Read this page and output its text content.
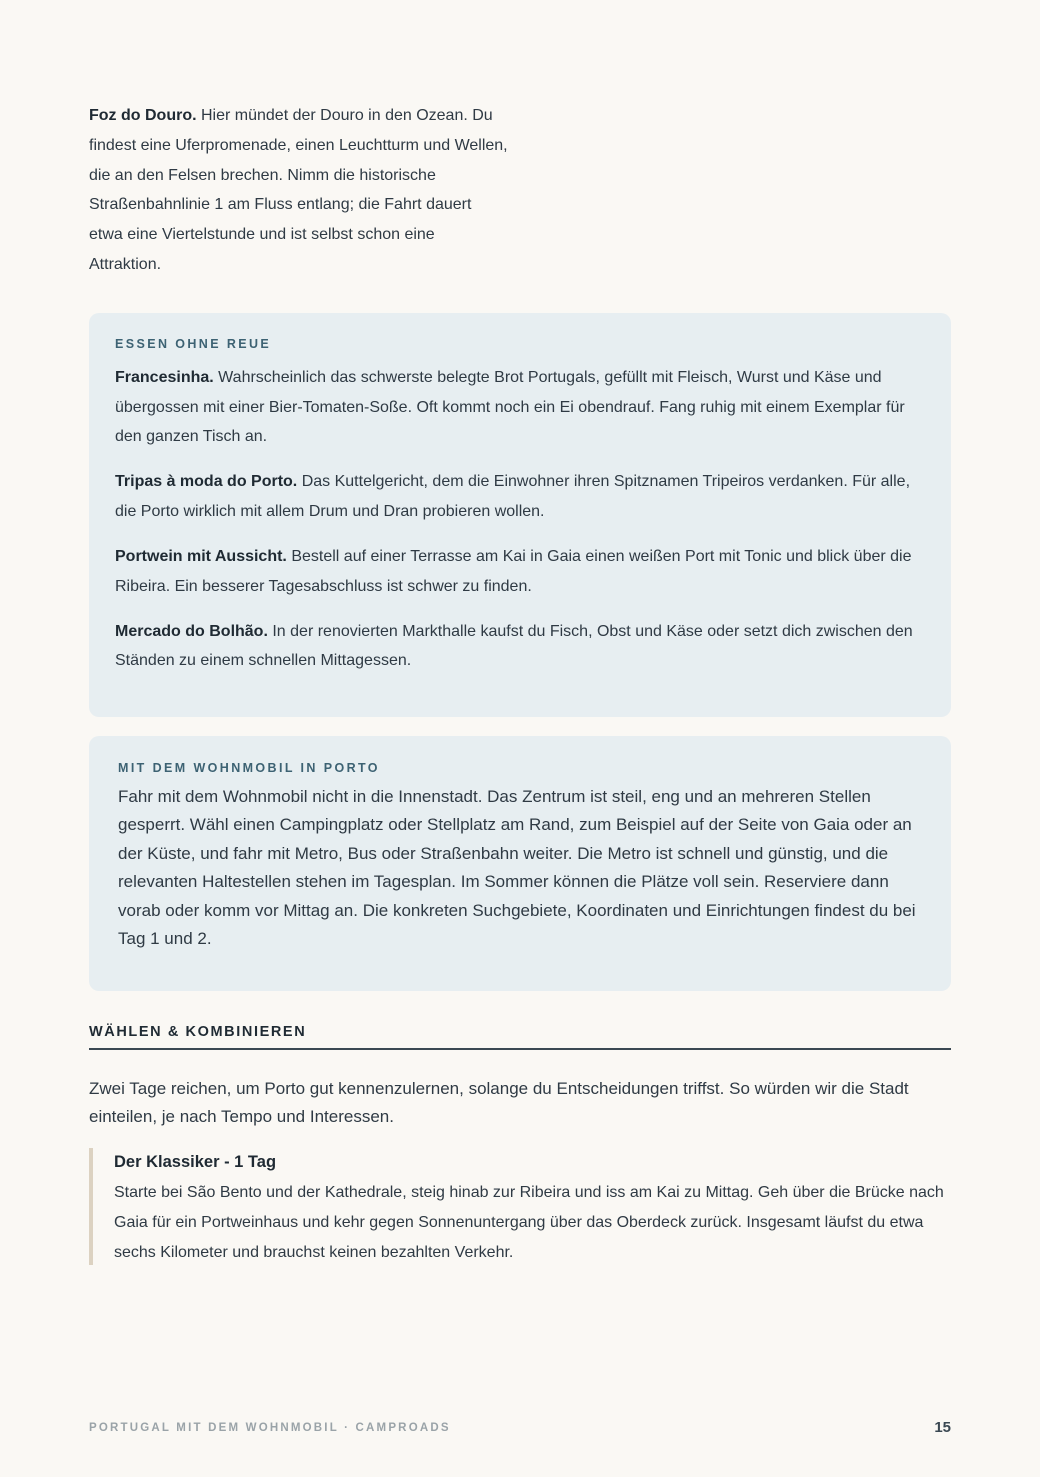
Foz do Douro. Hier mündet der Douro in den Ozean. Du findest eine Uferpromenade, einen Leuchtturm und Wellen, die an den Felsen brechen. Nimm die historische Straßenbahnlinie 1 am Fluss entlang; die Fahrt dauert etwa eine Viertelstunde und ist selbst schon eine Attraktion.

ESSEN OHNE REUE

Francesinha. Wahrscheinlich das schwerste belegte Brot Portugals, gefüllt mit Fleisch, Wurst und Käse und übergossen mit einer Bier-Tomaten-Soße. Oft kommt noch ein Ei obendrauf. Fang ruhig mit einem Exemplar für den ganzen Tisch an.

Tripas à moda do Porto. Das Kuttelgericht, dem die Einwohner ihren Spitznamen Tripeiros verdanken. Für alle, die Porto wirklich mit allem Drum und Dran probieren wollen.

Portwein mit Aussicht. Bestell auf einer Terrasse am Kai in Gaia einen weißen Port mit Tonic und blick über die Ribeira. Ein besserer Tagesabschluss ist schwer zu finden.

Mercado do Bolhão. In der renovierten Markthalle kaufst du Fisch, Obst und Käse oder setzt dich zwischen den Ständen zu einem schnellen Mittagessen.

MIT DEM WOHNMOBIL IN PORTO

Fahr mit dem Wohnmobil nicht in die Innenstadt. Das Zentrum ist steil, eng und an mehreren Stellen gesperrt. Wähl einen Campingplatz oder Stellplatz am Rand, zum Beispiel auf der Seite von Gaia oder an der Küste, und fahr mit Metro, Bus oder Straßenbahn weiter. Die Metro ist schnell und günstig, und die relevanten Haltestellen stehen im Tagesplan. Im Sommer können die Plätze voll sein. Reserviere dann vorab oder komm vor Mittag an. Die konkreten Suchgebiete, Koordinaten und Einrichtungen findest du bei Tag 1 und 2.

WÄHLEN & KOMBINIEREN

Zwei Tage reichen, um Porto gut kennenzulernen, solange du Entscheidungen triffst. So würden wir die Stadt einteilen, je nach Tempo und Interessen.

Der Klassiker - 1 Tag

Starte bei São Bento und der Kathedrale, steig hinab zur Ribeira und iss am Kai zu Mittag. Geh über die Brücke nach Gaia für ein Portweinhaus und kehr gegen Sonnenuntergang über das Oberdeck zurück. Insgesamt läufst du etwa sechs Kilometer und brauchst keinen bezahlten Verkehr.

PORTUGAL MIT DEM WOHNMOBIL · CAMPROADS	15
